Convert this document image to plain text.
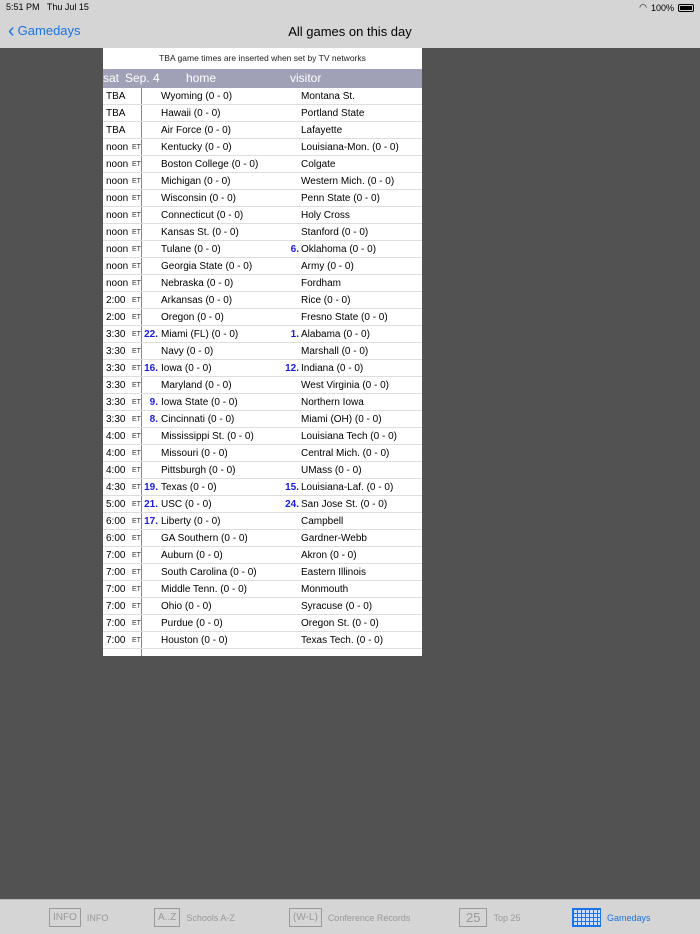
5:51 PM Thu Jul 15	◠ 100%
‹ Gamedays	All games on this day
TBA game times are inserted when set by TV networks
sat Sep. 4 home	visitor
TBA	Wyoming (0 - 0)	Montana St.
TBA	Hawaii (0 - 0)	Portland State
TBA	Air Force (0 - 0)	Lafayette
noon ET Kentucky (0 - 0)	Louisiana-Mon. (0 - 0)
noon ET Boston College (0 - 0)	Colgate
noon ET Michigan (0 - 0)	Western Mich. (0 - 0)
noon ET Wisconsin (0 - 0)	Penn State (0 - 0)
noon ET Connecticut (0 - 0)	Holy Cross
noon ET Kansas St. (0 - 0)	Stanford (0 - 0)
noon ET Tulane (0 - 0)	6. Oklahoma (0 - 0)
noon ET Georgia State (0 - 0)	Army (0 - 0)
noon ET Nebraska (0 - 0)	Fordham
2:00 ET Arkansas (0 - 0)	Rice (0 - 0)
2:00 ET Oregon (0 - 0)	Fresno State (0 - 0)
3:30 ET 22. Miami (FL) (0 - 0)	1. Alabama (0 - 0)
3:30 ET Navy (0 - 0)	Marshall (0 - 0)
3:30 ET 16. Iowa (0 - 0)	12. Indiana (0 - 0)
3:30 ET Maryland (0 - 0)	West Virginia (0 - 0)
3:30 ET 9. Iowa State (0 - 0)	Northern Iowa
3:30 ET 8. Cincinnati (0 - 0)	Miami (OH) (0 - 0)
4:00 ET Mississippi St. (0 - 0)	Louisiana Tech (0 - 0)
4:00 ET Missouri (0 - 0)	Central Mich. (0 - 0)
4:00 ET Pittsburgh (0 - 0)	UMass (0 - 0)
4:30 ET 19. Texas (0 - 0)	15. Louisiana-Laf. (0 - 0)
5:00 ET 21. USC (0 - 0)	24. San Jose St. (0 - 0)
6:00 ET 17. Liberty (0 - 0)	Campbell
6:00 ET GA Southern (0 - 0)	Gardner-Webb
7:00 ET Auburn (0 - 0)	Akron (0 - 0)
7:00 ET South Carolina (0 - 0)	Eastern Illinois
7:00 ET Middle Tenn. (0 - 0)	Monmouth
7:00 ET Ohio (0 - 0)	Syracuse (0 - 0)
7:00 ET Purdue (0 - 0)	Oregon St. (0 - 0)
7:00 ET Houston (0 - 0)	Texas Tech. (0 - 0)
INFO	INFO	A..Z	Schools A-Z	(W-L)	Conference Records	25	Top 25	Gamedays
